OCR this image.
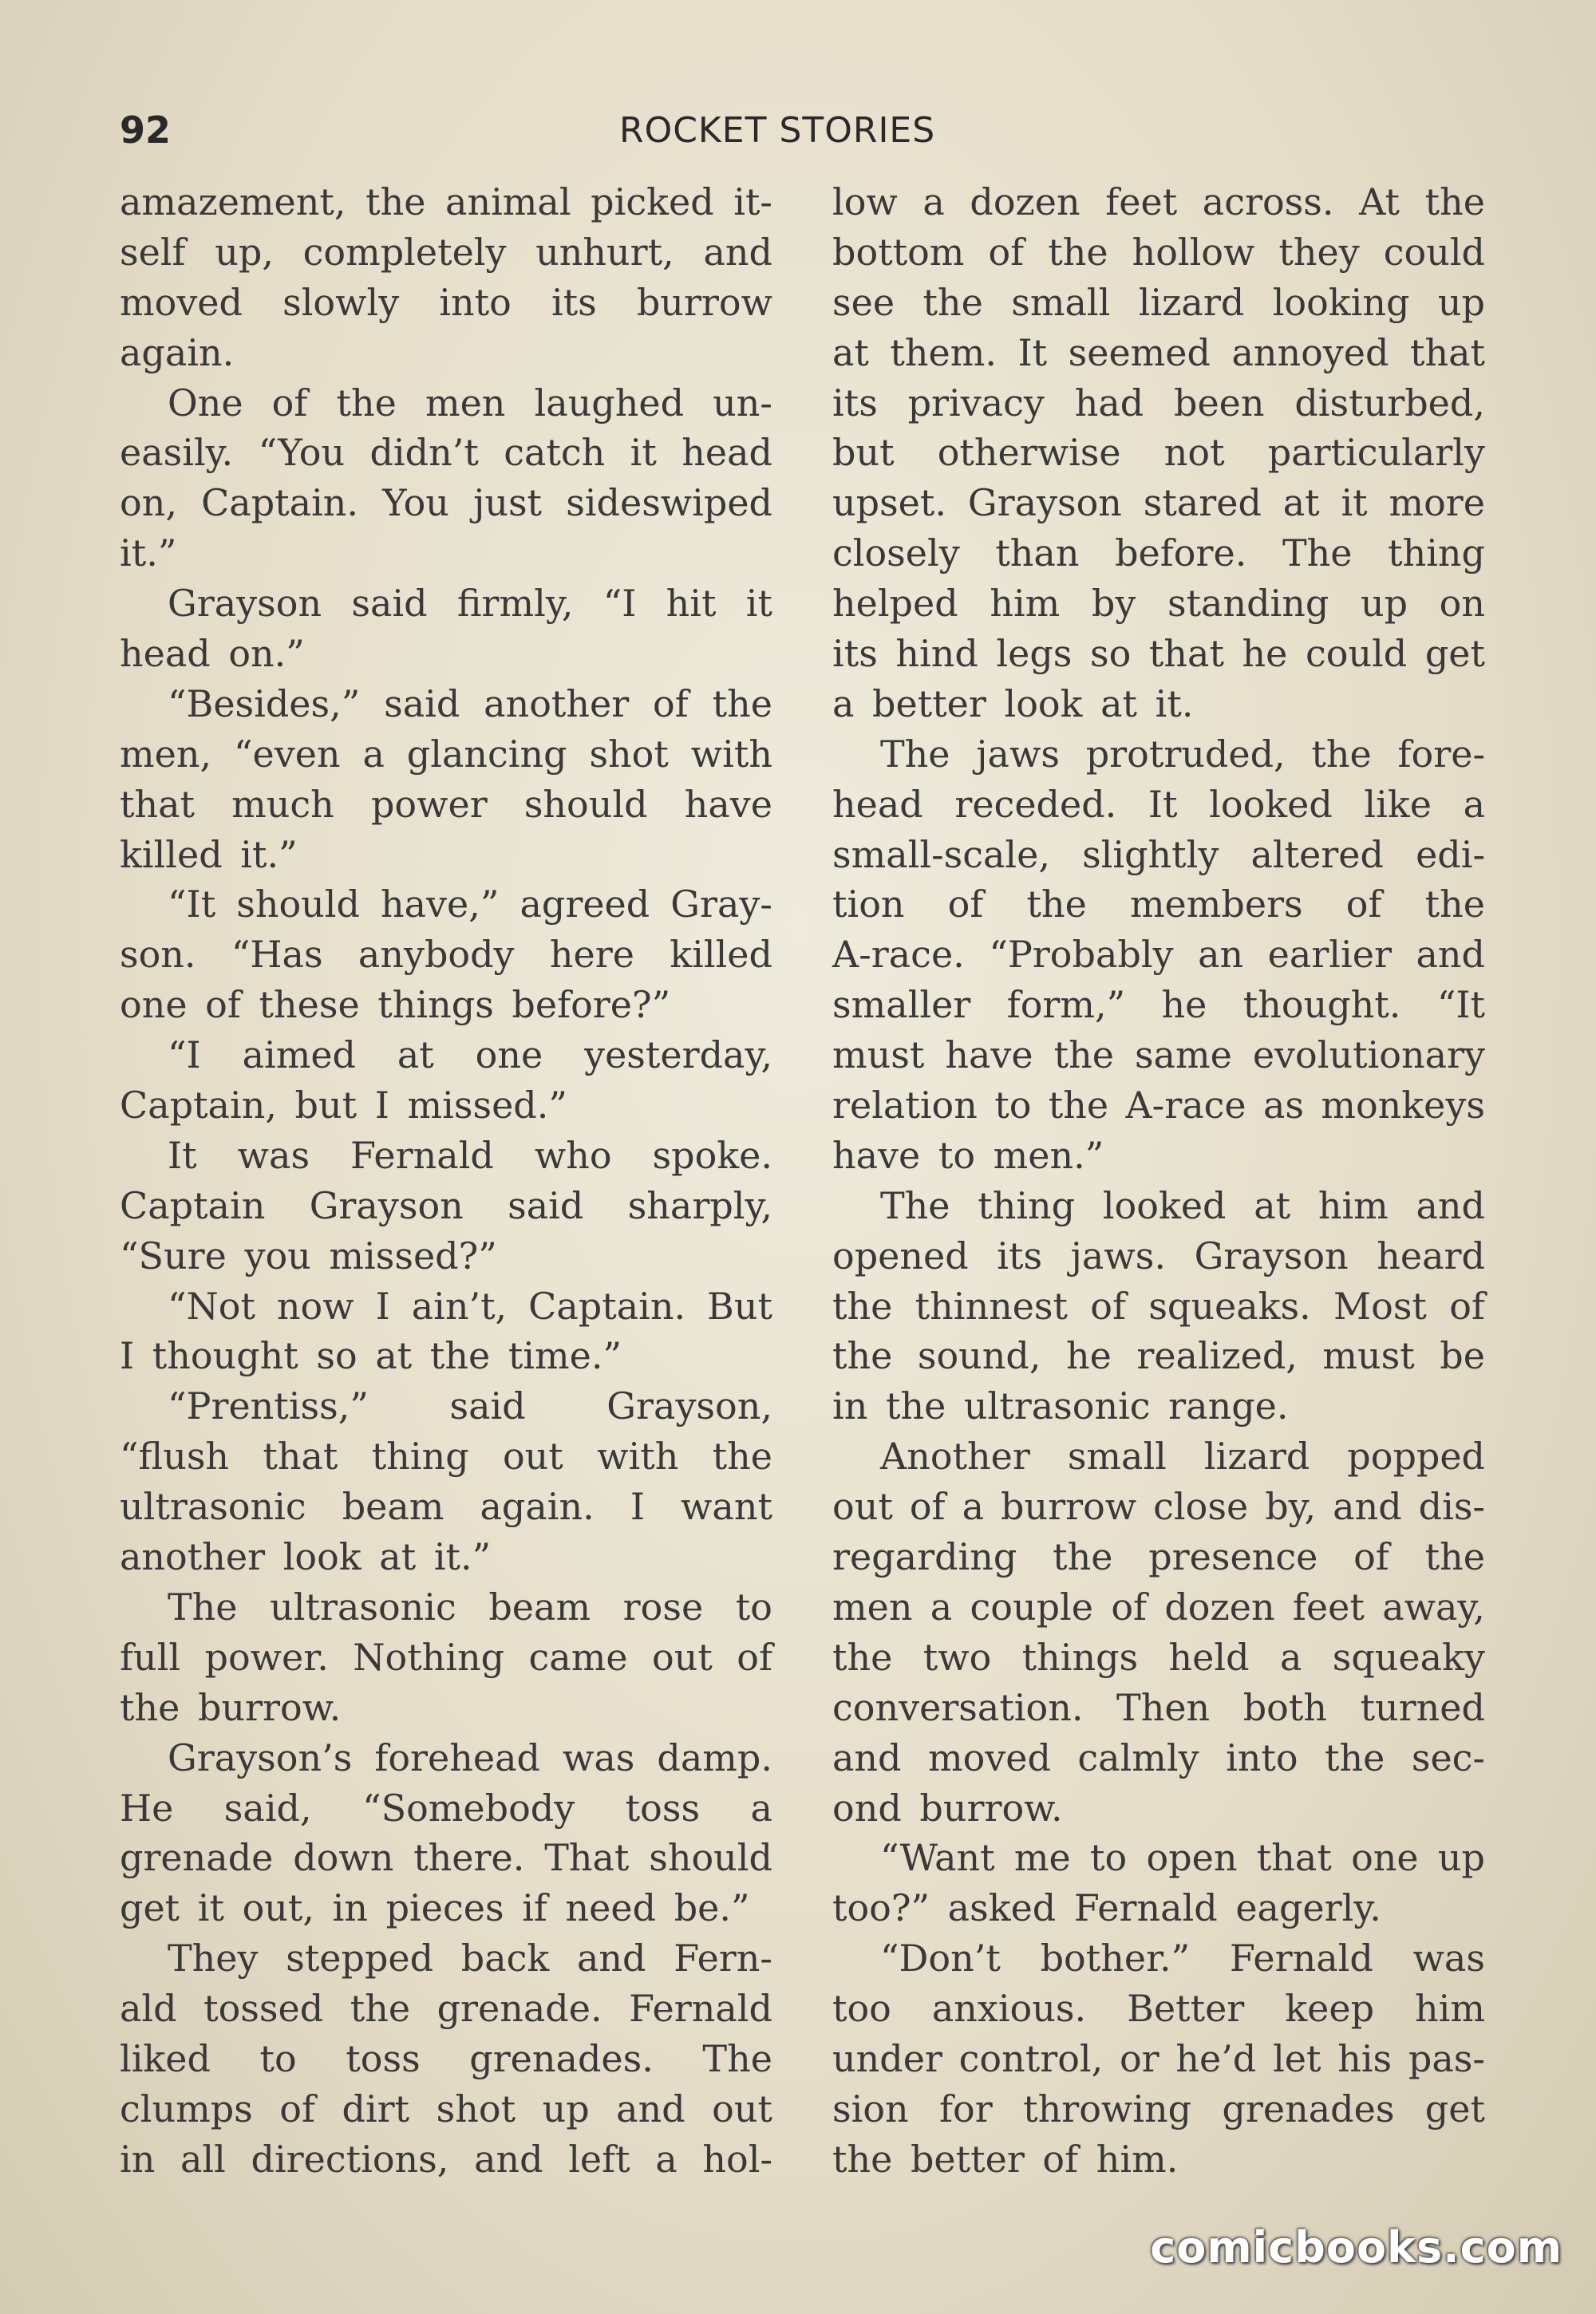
92	ROCKET STORIES
amazement, the animal picked it-
self up, completely unhurt, and
moved slowly into its burrow
again.
One of the men laughed un-
easily. “You didn’t catch it head
on, Captain. You just sideswiped
it.”
Grayson said firmly, “I hit it
head on.”
“Besides,” said another of the
men, “even a glancing shot with
that much power should have
killed it.”
“It should have,” agreed Gray-
son. “Has anybody here killed
one of these things before?”
“I aimed at one yesterday,
Captain, but I missed.”
It was Fernald who spoke.
Captain Grayson said sharply,
“Sure you missed?”
“Not now I ain’t, Captain. But
I thought so at the time.”
“Prentiss,” said Grayson,
“flush that thing out with the
ultrasonic beam again. I want
another look at it.”
The ultrasonic beam rose to
full power. Nothing came out of
the burrow.
Grayson’s forehead was damp.
He said, “Somebody toss a
grenade down there. That should
get it out, in pieces if need be.”
They stepped back and Fern-
ald tossed the grenade. Fernald
liked to toss grenades. The
clumps of dirt shot up and out
in all directions, and left a hol-
low a dozen feet across. At the
bottom of the hollow they could
see the small lizard looking up
at them. It seemed annoyed that
its privacy had been disturbed,
but otherwise not particularly
upset. Grayson stared at it more
closely than before. The thing
helped him by standing up on
its hind legs so that he could get
a better look at it.
The jaws protruded, the fore-
head receded. It looked like a
small-scale, slightly altered edi-
tion of the members of the
A-race. “Probably an earlier and
smaller form,” he thought. “It
must have the same evolutionary
relation to the A-race as monkeys
have to men.”
The thing looked at him and
opened its jaws. Grayson heard
the thinnest of squeaks. Most of
the sound, he realized, must be
in the ultrasonic range.
Another small lizard popped
out of a burrow close by, and dis-
regarding the presence of the
men a couple of dozen feet away,
the two things held a squeaky
conversation. Then both turned
and moved calmly into the sec-
ond burrow.
“Want me to open that one up
too?” asked Fernald eagerly.
“Don’t bother.” Fernald was
too anxious. Better keep him
under control, or he’d let his pas-
sion for throwing grenades get
the better of him.
comicbooks.com
